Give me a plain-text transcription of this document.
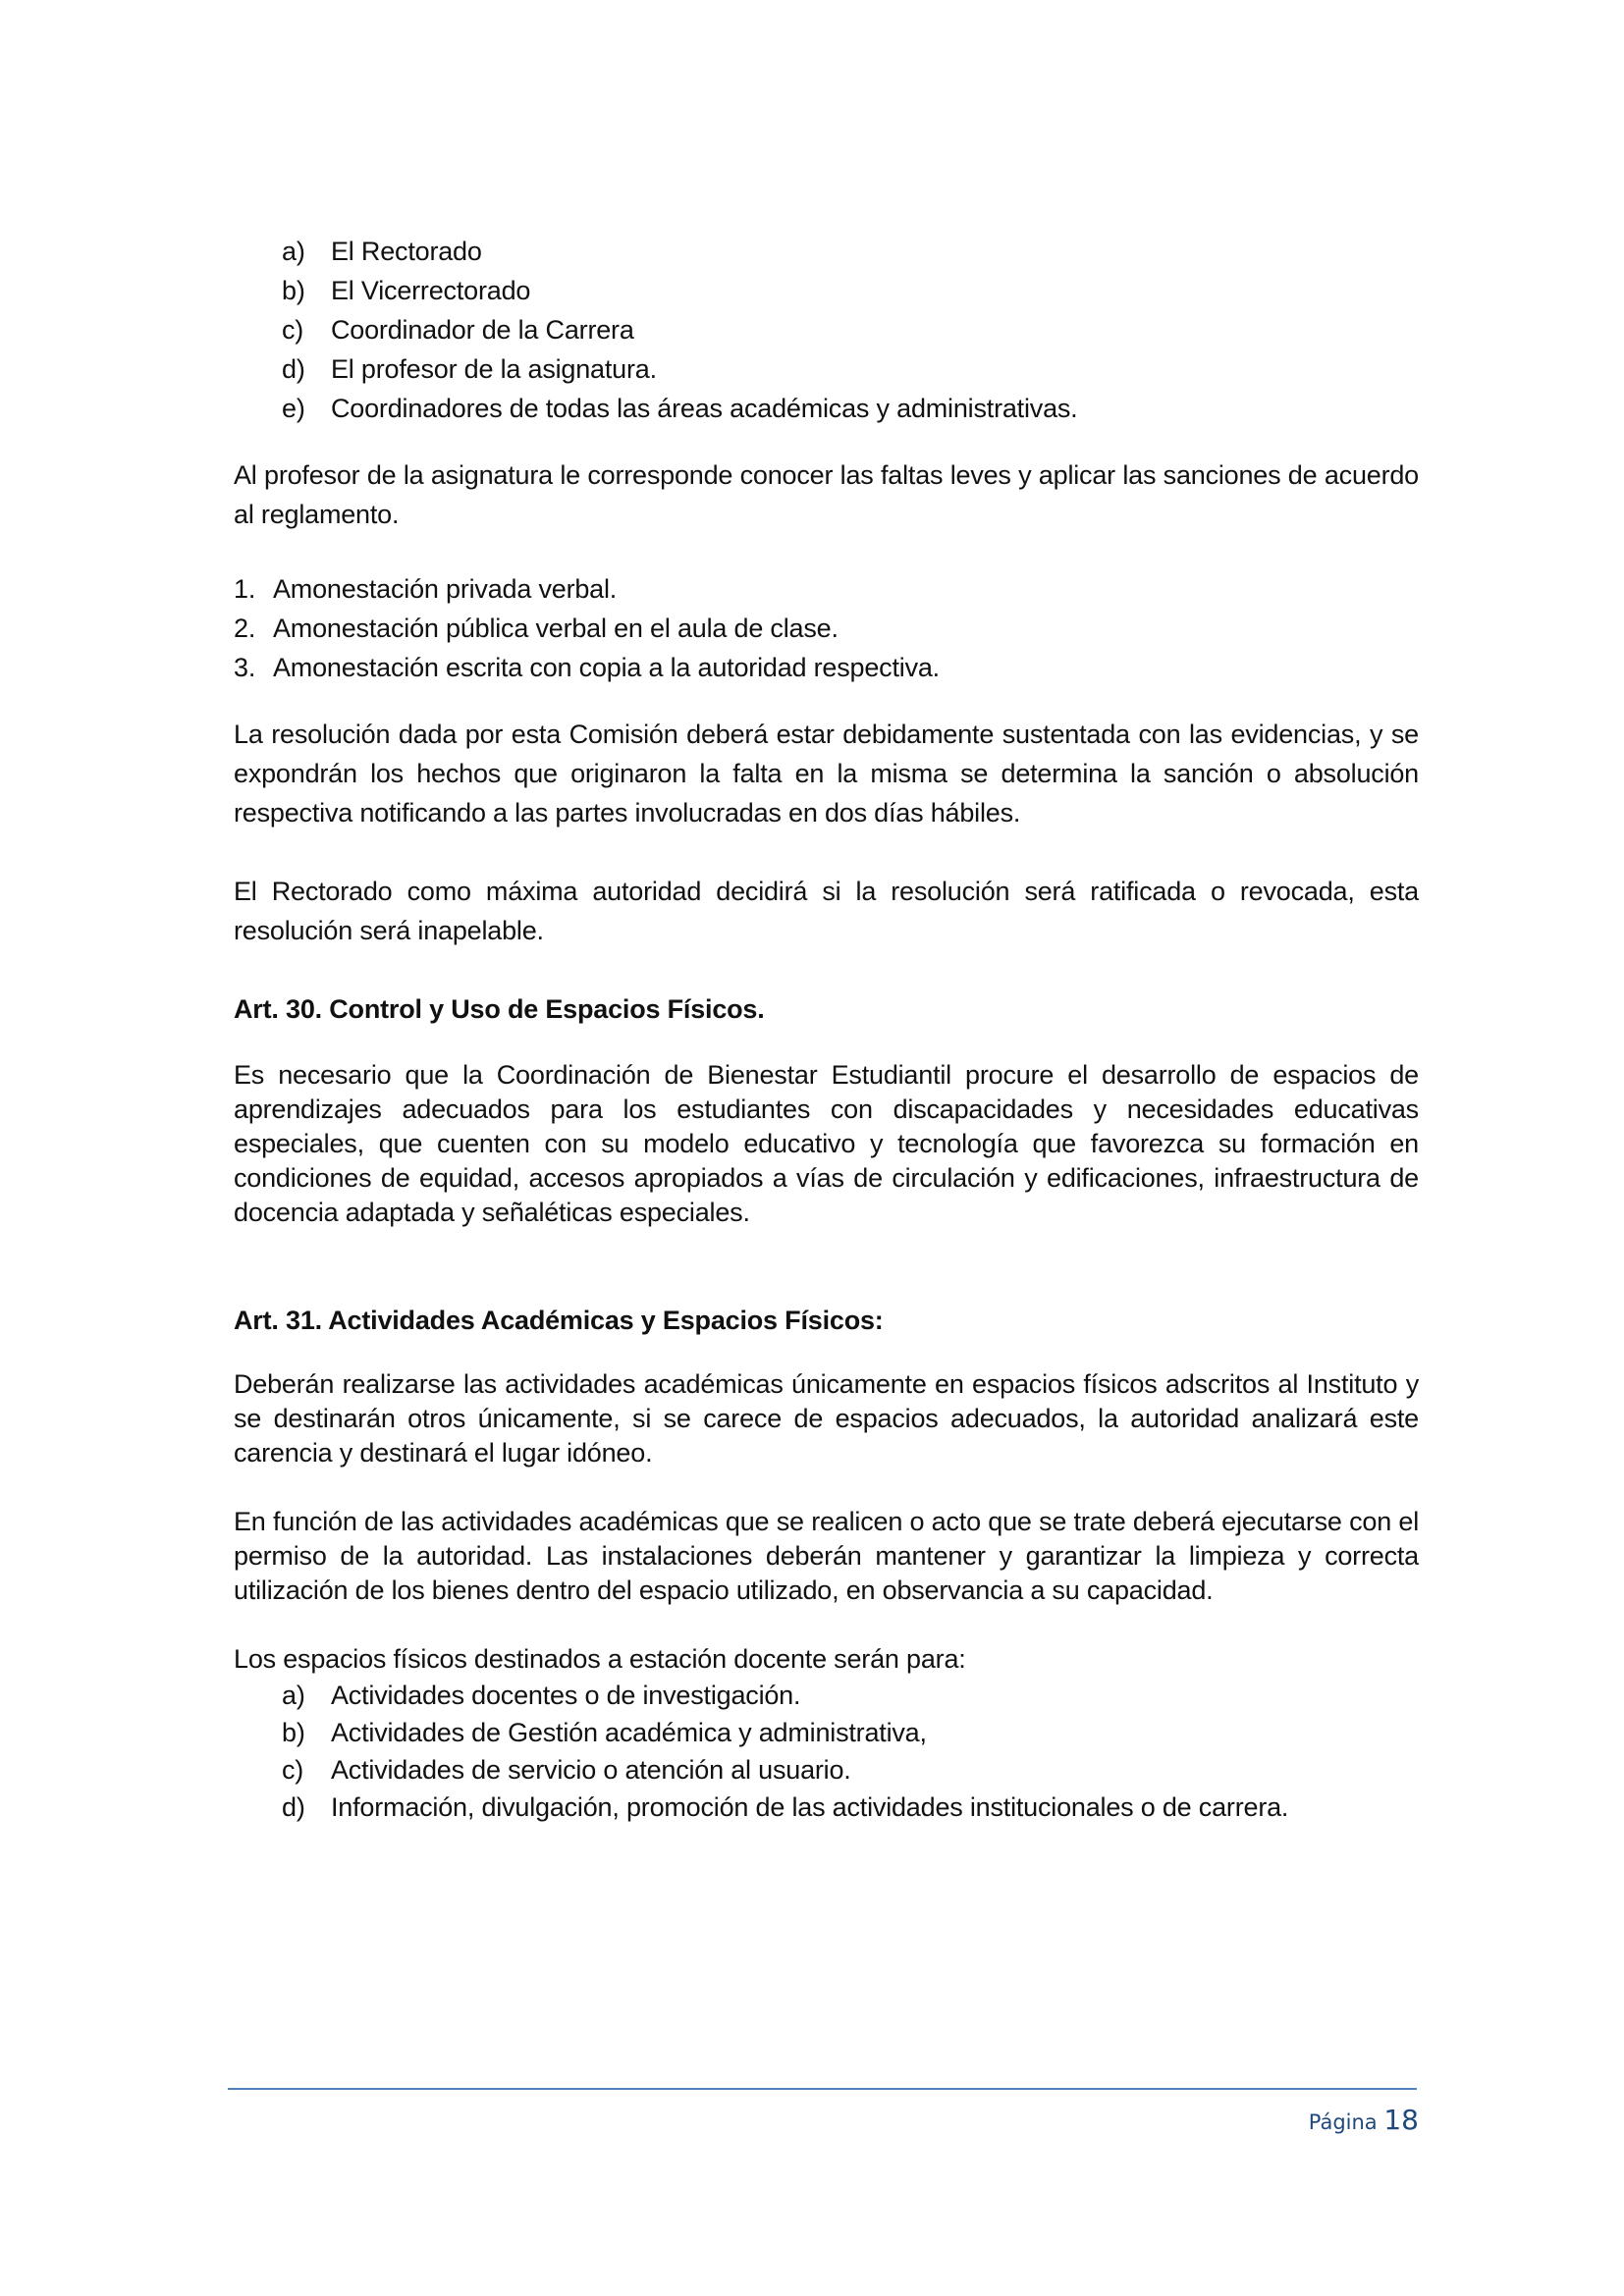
a) El Rectorado
b) El Vicerrectorado
c) Coordinador de la Carrera
d) El profesor de la asignatura.
e) Coordinadores de todas las áreas académicas y administrativas.

Al profesor de la asignatura le corresponde conocer las faltas leves y aplicar las sanciones de acuerdo al reglamento.

1. Amonestación privada verbal.
2. Amonestación pública verbal en el aula de clase.
3. Amonestación escrita con copia a la autoridad respectiva.

La resolución dada por esta Comisión deberá estar debidamente sustentada con las evidencias, y se expondrán los hechos que originaron la falta en la misma se determina la sanción o absolución respectiva notificando a las partes involucradas en dos días hábiles.

El Rectorado como máxima autoridad decidirá si la resolución será ratificada o revocada, esta resolución será inapelable.

Art. 30. Control y Uso de Espacios Físicos.

Es necesario que la Coordinación de Bienestar Estudiantil procure el desarrollo de espacios de aprendizajes adecuados para los estudiantes con discapacidades y necesidades educativas especiales, que cuenten con su modelo educativo y tecnología que favorezca su formación en condiciones de equidad, accesos apropiados a vías de circulación y edificaciones, infraestructura de docencia adaptada y señaléticas especiales.

Art. 31. Actividades Académicas y Espacios Físicos:

Deberán realizarse las actividades académicas únicamente en espacios físicos adscritos al Instituto y se destinarán otros únicamente, si se carece de espacios adecuados, la autoridad analizará este carencia y destinará el lugar idóneo.

En función de las actividades académicas que se realicen o acto que se trate deberá ejecutarse con el permiso de la autoridad. Las instalaciones deberán mantener y garantizar la limpieza y correcta utilización de los bienes dentro del espacio utilizado, en observancia a su capacidad.

Los espacios físicos destinados a estación docente serán para:

a) Actividades docentes o de investigación.
b) Actividades de Gestión académica y administrativa,
c) Actividades de servicio o atención al usuario.
d) Información, divulgación, promoción de las actividades institucionales o de carrera.
Página 18
